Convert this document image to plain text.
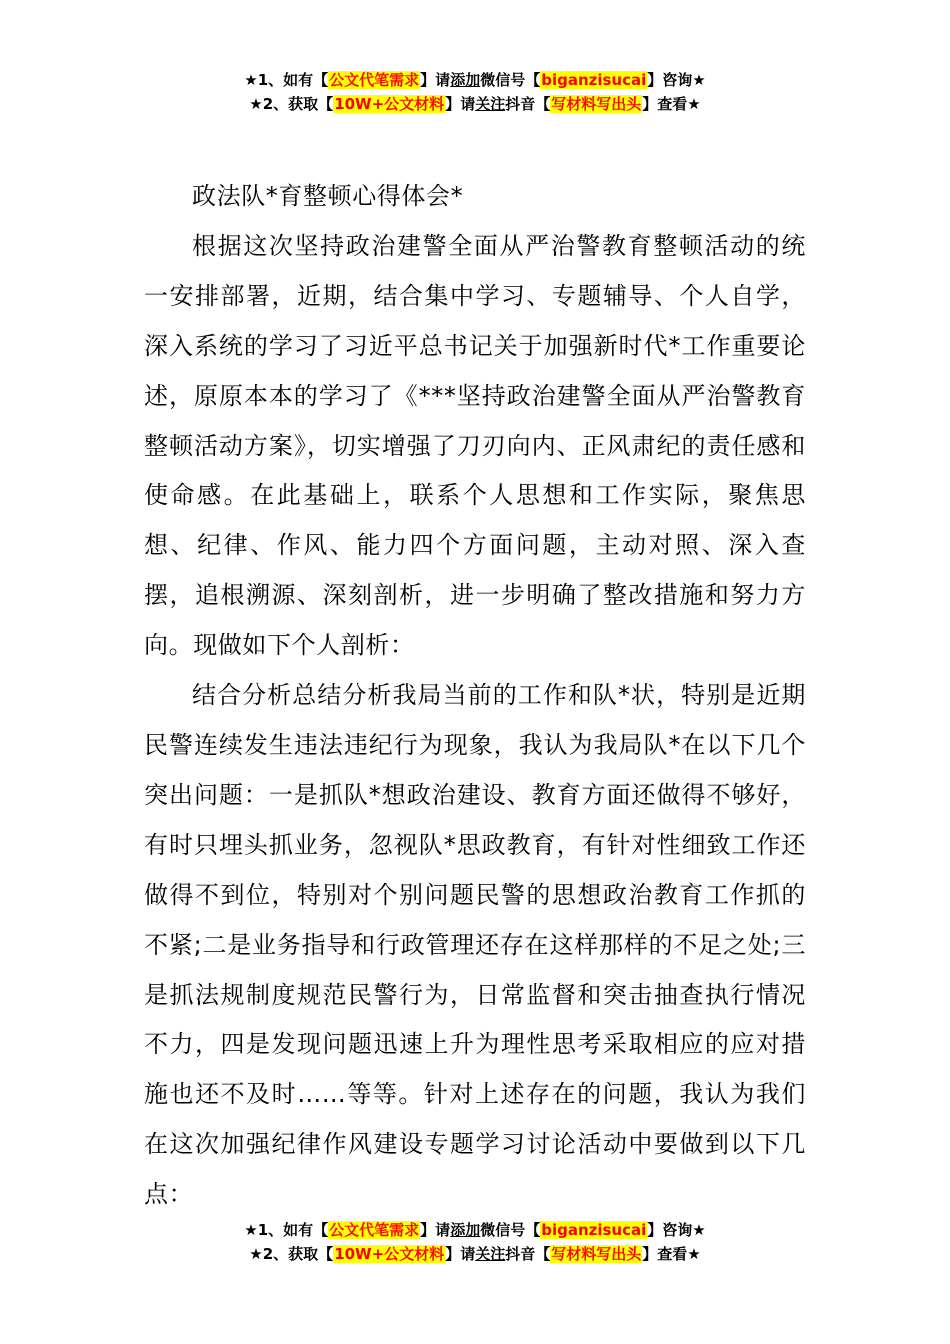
★1、如有【公文代笔需求】请添加微信号【biganzisucai】咨询★
★2、获取【10W+公文材料】请关注抖音【写材料写出头】查看★

政法队*育整顿心得体会*

根据这次坚持政治建警全面从严治警教育整顿活动的统一安排部署，近期，结合集中学习、专题辅导、个人自学，深入系统的学习了习近平总书记关于加强新时代*工作重要论述，原原本本的学习了《***坚持政治建警全面从严治警教育整顿活动方案》，切实增强了刀刃向内、正风肃纪的责任感和使命感。在此基础上，联系个人思想和工作实际，聚焦思想、纪律、作风、能力四个方面问题，主动对照、深入查摆，追根溯源、深刻剖析，进一步明确了整改措施和努力方向。现做如下个人剖析：

结合分析总结分析我局当前的工作和队*状，特别是近期民警连续发生违法违纪行为现象，我认为我局队*在以下几个突出问题：一是抓队*想政治建设、教育方面还做得不够好，有时只埋头抓业务，忽视队*思政教育，有针对性细致工作还做得不到位，特别对个别问题民警的思想政治教育工作抓的不紧;二是业务指导和行政管理还存在这样那样的不足之处;三是抓法规制度规范民警行为，日常监督和突击抽查执行情况不力，四是发现问题迅速上升为理性思考采取相应的应对措施也还不及时……等等。针对上述存在的问题，我认为我们在这次加强纪律作风建设专题学习讨论活动中要做到以下几点：

★1、如有【公文代笔需求】请添加微信号【biganzisucai】咨询★
★2、获取【10W+公文材料】请关注抖音【写材料写出头】查看★
